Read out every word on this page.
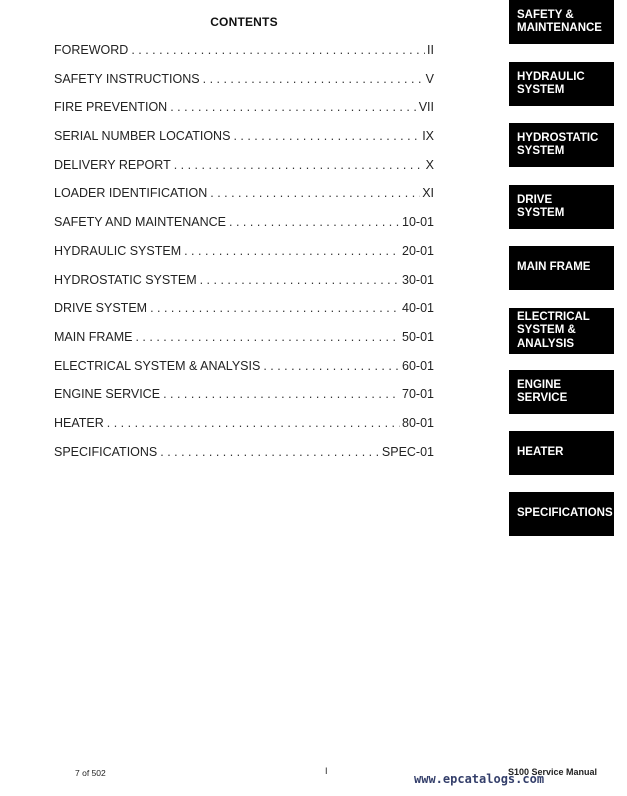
CONTENTS
FOREWORD . . .	II
SAFETY INSTRUCTIONS . . .	V
FIRE PREVENTION . . .	VII
SERIAL NUMBER LOCATIONS . . .	IX
DELIVERY REPORT . . .	X
LOADER IDENTIFICATION . . .	XI
SAFETY AND MAINTENANCE . . .	10-01
HYDRAULIC SYSTEM . . .	20-01
HYDROSTATIC SYSTEM . . .	30-01
DRIVE SYSTEM . . .	40-01
MAIN FRAME . . .	50-01
ELECTRICAL SYSTEM & ANALYSIS . . .	60-01
ENGINE SERVICE . . .	70-01
HEATER . . .	80-01
SPECIFICATIONS . . .	SPEC-01
SAFETY &
MAINTENANCE
HYDRAULIC
SYSTEM
HYDROSTATIC
SYSTEM
DRIVE
SYSTEM
MAIN FRAME
ELECTRICAL
SYSTEM &
ANALYSIS
ENGINE
SERVICE
HEATER
SPECIFICATIONS
7 of 502	I	S100 Service Manual
www.epcatalogs.com
